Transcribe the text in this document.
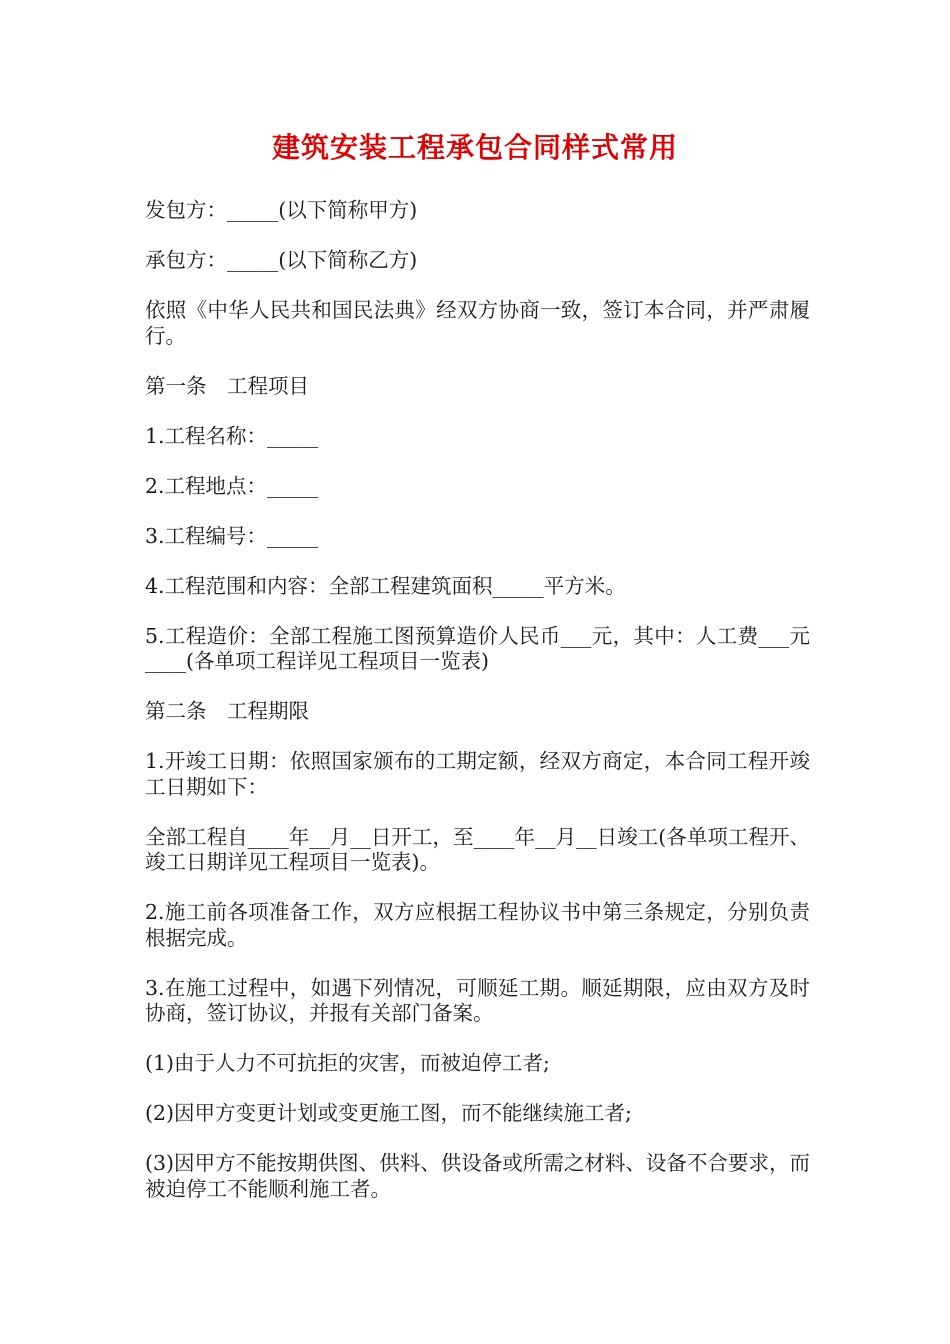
建筑安装工程承包合同样式常用

发包方：_____(以下简称甲方)

承包方：_____(以下简称乙方)

依照《中华人民共和国民法典》经双方协商一致，签订本合同，并严肃履行。

第一条　工程项目

1.工程名称：_____

2.工程地点：_____

3.工程编号：_____

4.工程范围和内容：全部工程建筑面积_____平方米。

5.工程造价：全部工程施工图预算造价人民币___元，其中：人工费___元____(各单项工程详见工程项目一览表)

第二条　工程期限

1.开竣工日期：依照国家颁布的工期定额，经双方商定，本合同工程开竣工日期如下：

全部工程自____年__月__日开工，至____年__月__日竣工(各单项工程开、竣工日期详见工程项目一览表)。

2.施工前各项准备工作，双方应根据工程协议书中第三条规定，分别负责根据完成。

3.在施工过程中，如遇下列情况，可顺延工期。顺延期限，应由双方及时协商，签订协议，并报有关部门备案。

(1)由于人力不可抗拒的灾害，而被迫停工者;

(2)因甲方变更计划或变更施工图，而不能继续施工者;

(3)因甲方不能按期供图、供料、供设备或所需之材料、设备不合要求，而被迫停工不能顺利施工者。
